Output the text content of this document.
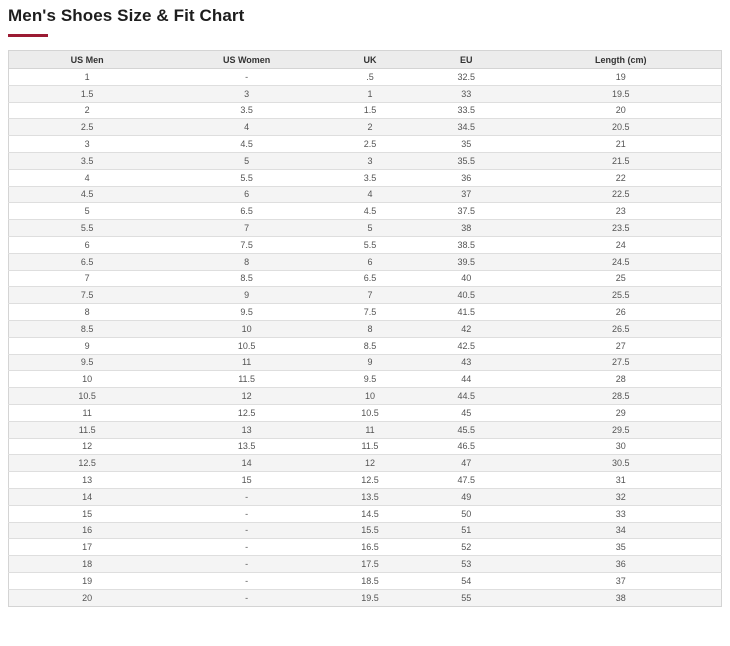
Men's Shoes Size & Fit Chart
US Men	US Women	UK	EU	Length (cm)
1	-	.5	32.5	19
1.5	3	1	33	19.5
2	3.5	1.5	33.5	20
2.5	4	2	34.5	20.5
3	4.5	2.5	35	21
3.5	5	3	35.5	21.5
4	5.5	3.5	36	22
4.5	6	4	37	22.5
5	6.5	4.5	37.5	23
5.5	7	5	38	23.5
6	7.5	5.5	38.5	24
6.5	8	6	39.5	24.5
7	8.5	6.5	40	25
7.5	9	7	40.5	25.5
8	9.5	7.5	41.5	26
8.5	10	8	42	26.5
9	10.5	8.5	42.5	27
9.5	11	9	43	27.5
10	11.5	9.5	44	28
10.5	12	10	44.5	28.5
11	12.5	10.5	45	29
11.5	13	11	45.5	29.5
12	13.5	11.5	46.5	30
12.5	14	12	47	30.5
13	15	12.5	47.5	31
14	-	13.5	49	32
15	-	14.5	50	33
16	-	15.5	51	34
17	-	16.5	52	35
18	-	17.5	53	36
19	-	18.5	54	37
20	-	19.5	55	38
